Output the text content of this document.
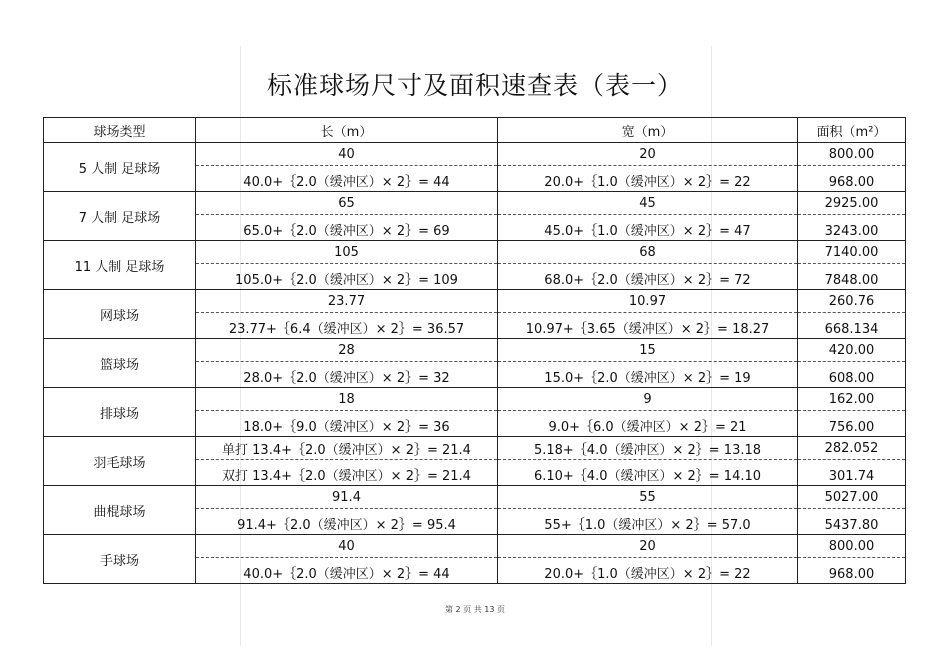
标准球场尺寸及面积速查表（表一）
球场类型	长（m）	宽（m）	面积（m²）
5 人制 足球场	40	20	800.00
	40.0+｛2.0（缓冲区）× 2｝= 44	20.0+｛1.0（缓冲区）× 2｝= 22	968.00
7 人制 足球场	65	45	2925.00
	65.0+｛2.0（缓冲区）× 2｝= 69	45.0+｛1.0（缓冲区）× 2｝= 47	3243.00
11 人制 足球场	105	68	7140.00
	105.0+｛2.0（缓冲区）× 2｝= 109	68.0+｛2.0（缓冲区）× 2｝= 72	7848.00
网球场	23.77	10.97	260.76
	23.77+｛6.4（缓冲区）× 2｝= 36.57	10.97+｛3.65（缓冲区）× 2｝= 18.27	668.134
篮球场	28	15	420.00
	28.0+｛2.0（缓冲区）× 2｝= 32	15.0+｛2.0（缓冲区）× 2｝= 19	608.00
排球场	18	9	162.00
	18.0+｛9.0（缓冲区）× 2｝= 36	9.0+｛6.0（缓冲区）× 2｝= 21	756.00
羽毛球场	单打 13.4+｛2.0（缓冲区）× 2｝= 21.4	5.18+｛4.0（缓冲区）× 2｝= 13.18	282.052
	双打 13.4+｛2.0（缓冲区）× 2｝= 21.4	6.10+｛4.0（缓冲区）× 2｝= 14.10	301.74
曲棍球场	91.4	55	5027.00
	91.4+｛2.0（缓冲区）× 2｝= 95.4	55+｛1.0（缓冲区）× 2｝= 57.0	5437.80
手球场	40	20	800.00
	40.0+｛2.0（缓冲区）× 2｝= 44	20.0+｛1.0（缓冲区）× 2｝= 22	968.00
第 2 页 共 13 页
